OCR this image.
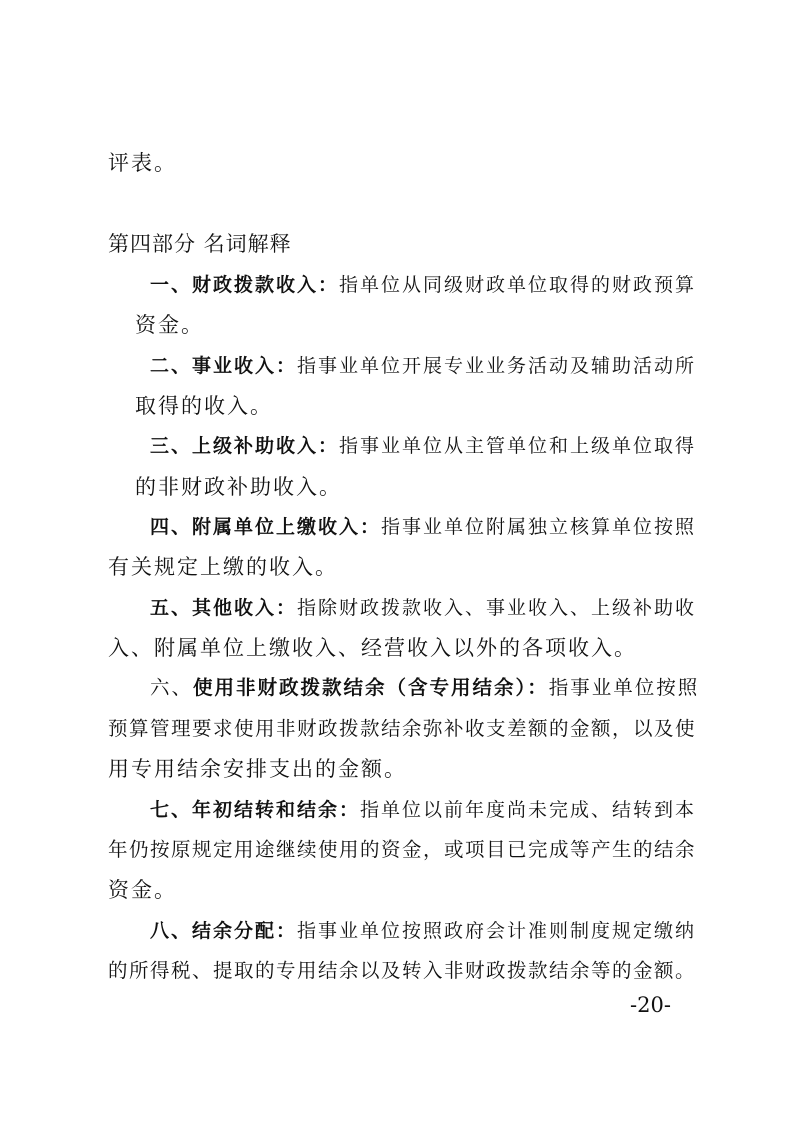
评表。
第四部分 名词解释
一、财政拨款收入：指单位从同级财政单位取得的财政预算
资金。
二、事业收入：指事业单位开展专业业务活动及辅助活动所
取得的收入。
三、上级补助收入：指事业单位从主管单位和上级单位取得
的非财政补助收入。
四、附属单位上缴收入：指事业单位附属独立核算单位按照
有关规定上缴的收入。
五、其他收入：指除财政拨款收入、事业收入、上级补助收
入、附属单位上缴收入、经营收入以外的各项收入。
六、使用非财政拨款结余（含专用结余）：指事业单位按照
预算管理要求使用非财政拨款结余弥补收支差额的金额，以及使
用专用结余安排支出的金额。
七、年初结转和结余：指单位以前年度尚未完成、结转到本
年仍按原规定用途继续使用的资金，或项目已完成等产生的结余
资金。
八、结余分配：指事业单位按照政府会计准则制度规定缴纳
的所得税、提取的专用结余以及转入非财政拨款结余等的金额。
-20-
